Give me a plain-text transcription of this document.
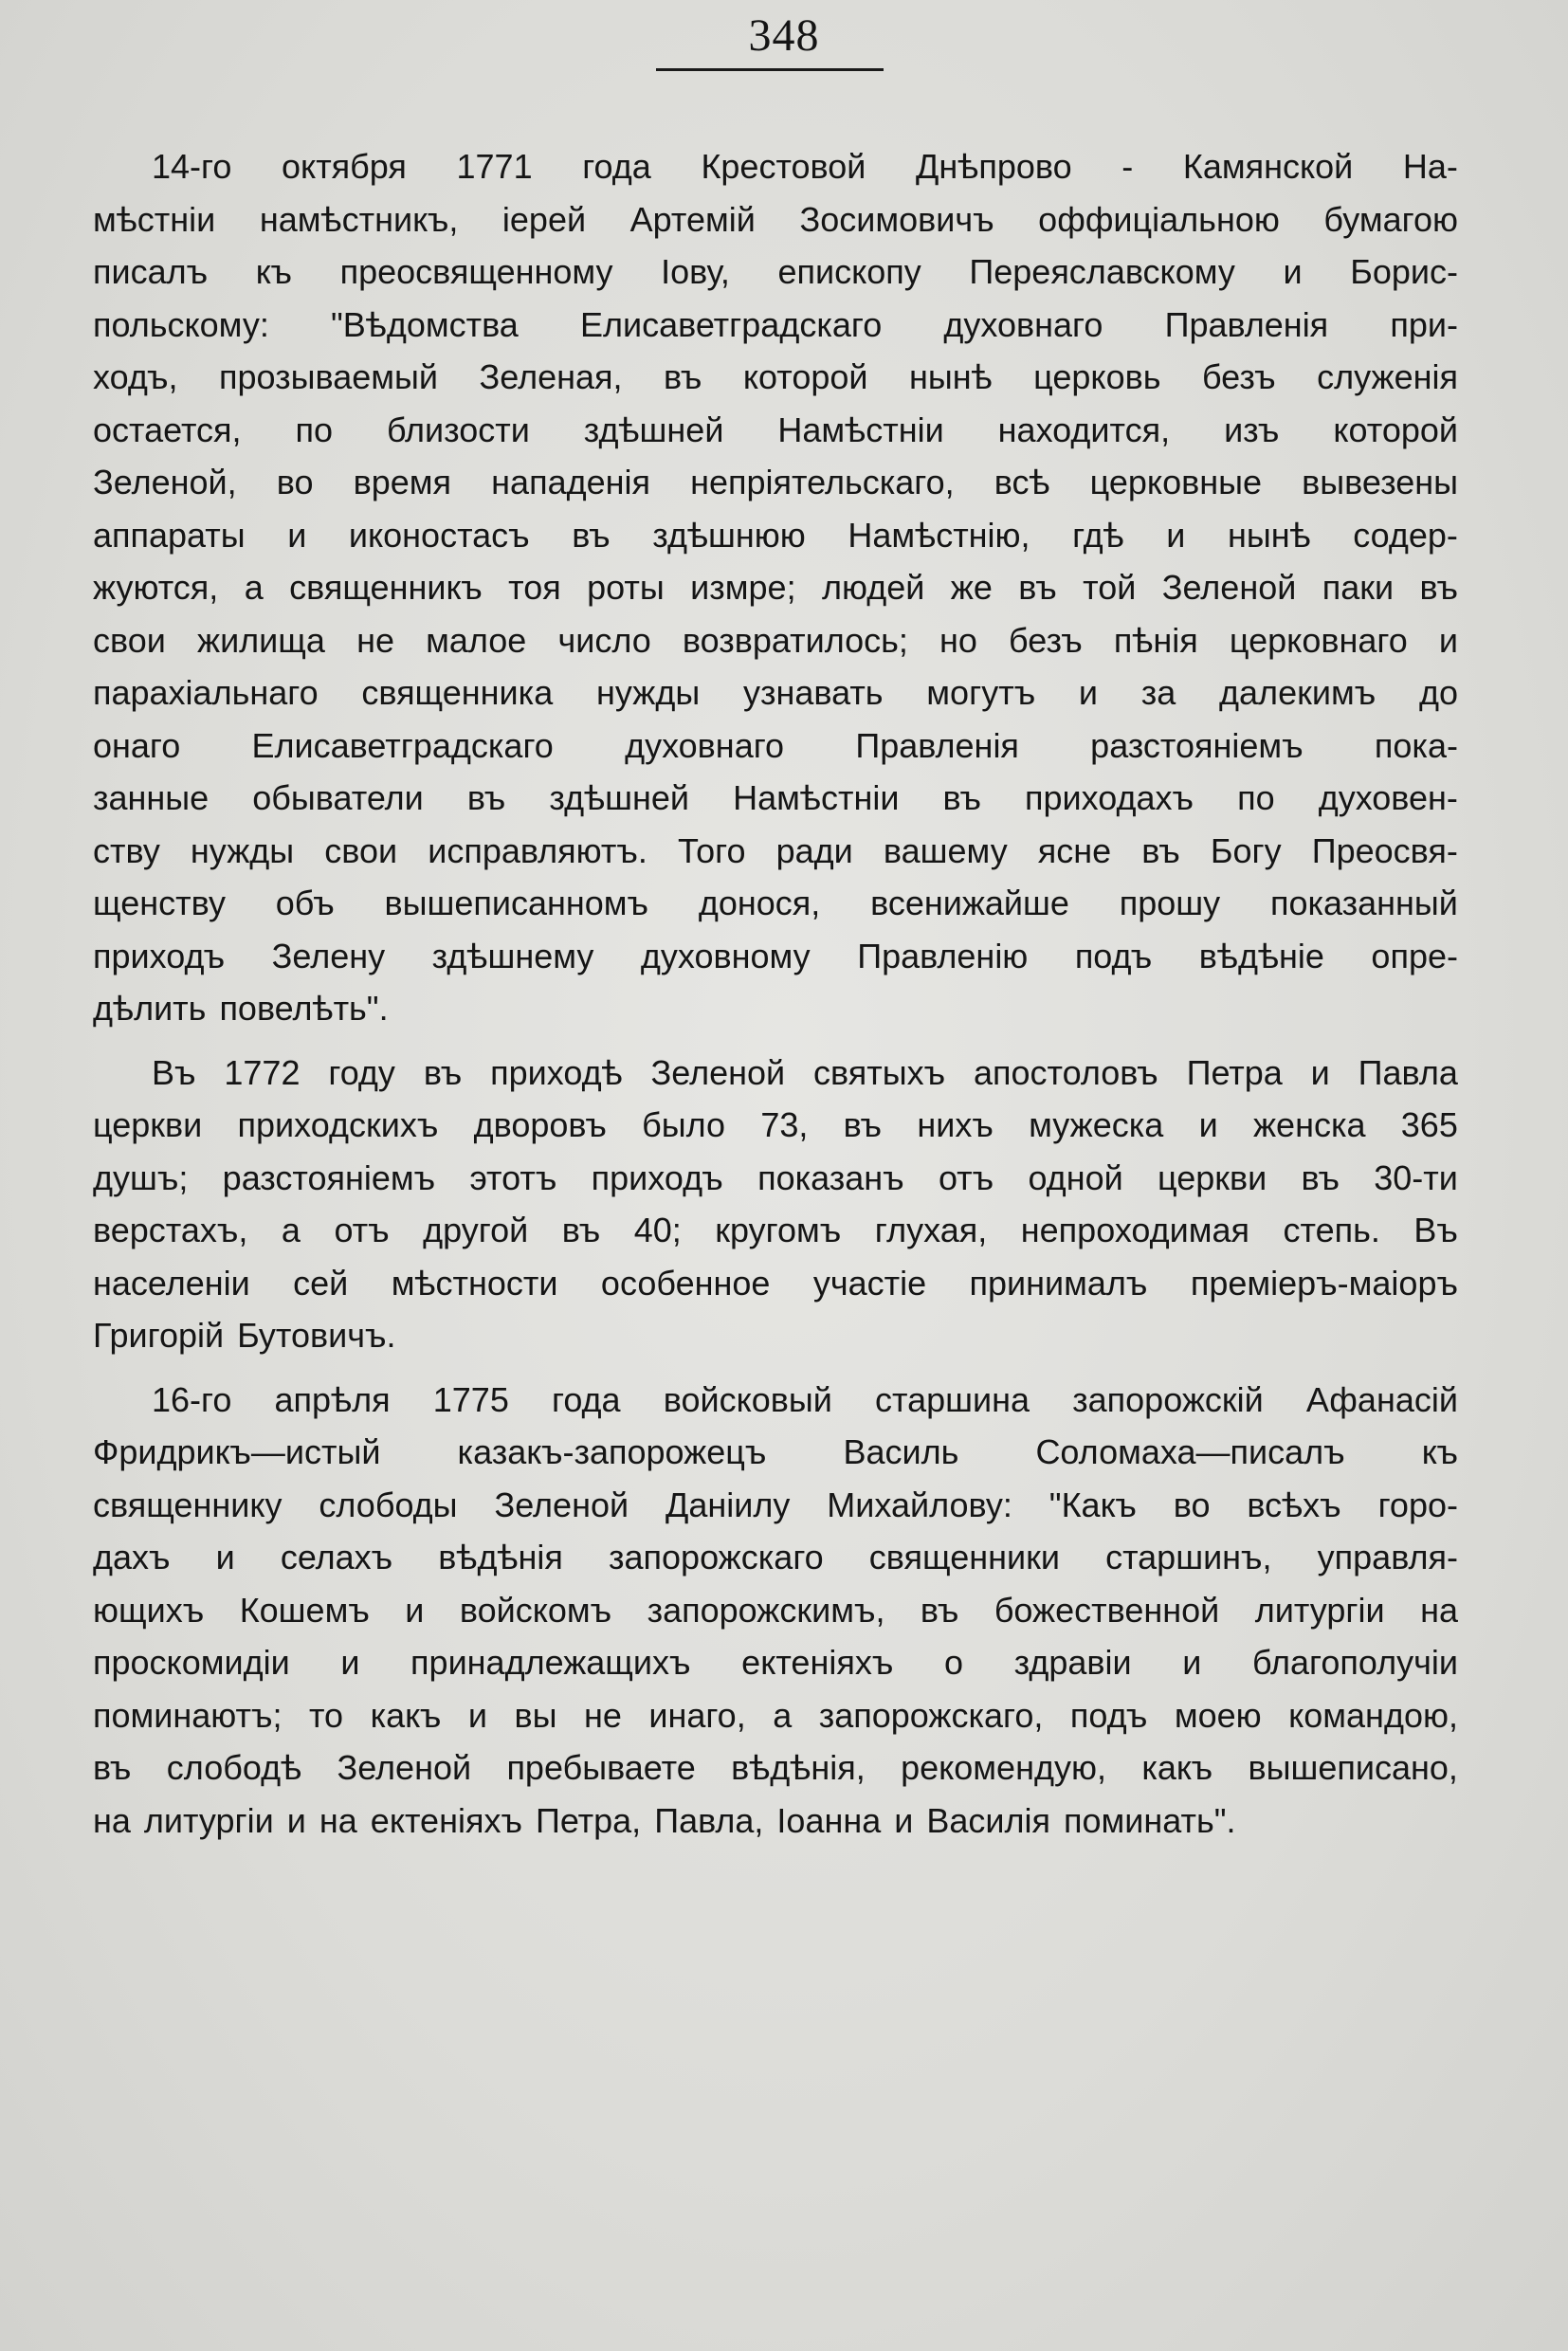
348
14-го октября 1771 года Крестовой Днѣпрово - Камянской На-
мѣстнiи намѣстникъ, iерей Артемiй Зосимовичъ оффицiальною бумагою
писалъ къ преосвященному Iову, епископу Переяславскому и Борис-
польскому: "Вѣдомства Елисаветградскаго духовнаго Правленiя при-
ходъ, прозываемый Зеленая, въ которой нынѣ церковь безъ служенiя
остается, по близости здѣшней Намѣстнiи находится, изъ которой
Зеленой, во время нападенiя непрiятельскаго, всѣ церковные вывезены
аппараты и иконостасъ въ здѣшнюю Намѣстнiю, гдѣ и нынѣ содер-
жуются, а священникъ тоя роты измре; людей же въ той Зеленой паки въ
свои жилища не малое число возвратилось; но безъ пѣнiя церковнаго и
парахiальнаго священника нужды узнавать могутъ и за далекимъ до
онаго Елисаветградскаго духовнаго Правленiя разстоянiемъ пока-
занные обыватели въ здѣшней Намѣстнiи въ приходахъ по духовен-
ству нужды свои исправляютъ. Того ради вашему ясне въ Богу Преосвя-
щенству объ вышеписанномъ донося, всенижайше прошу показанный
приходъ Зелену здѣшнему духовному Правленiю подъ вѣдѣнiе опре-
дѣлить повелѣть".
Въ 1772 году въ приходѣ Зеленой святыхъ апостоловъ Петра и Павла
церкви приходскихъ дворовъ было 73, въ нихъ мужеска и женска 365
душъ; разстоянiемъ этотъ приходъ показанъ отъ одной церкви въ 30-ти
верстахъ, а отъ другой въ 40; кругомъ глухая, непроходимая степь. Въ
населенiи сей мѣстности особенное участiе принималъ премiеръ-маiоръ
Григорiй Бутовичъ.
16-го апрѣля 1775 года войсковый старшина запорожскiй Афанасiй
Фридрикъ—истый казакъ-запорожецъ Василь Соломаха—писалъ къ
священнику слободы Зеленой Данiилу Михайлову: "Какъ во всѣхъ горо-
дахъ и селахъ вѣдѣнiя запорожскаго священники старшинъ, управля-
ющихъ Кошемъ и войскомъ запорожскимъ, въ божественной литургiи на
проскомидiи и принадлежащихъ ектенiяхъ о здравiи и благополучiи
поминаютъ; то какъ и вы не инаго, а запорожскаго, подъ моею командою,
въ слободѣ Зеленой пребываете вѣдѣнiя, рекомендую, какъ вышеписано,
на литургiи и на ектенiяхъ Петра, Павла, Iоанна и Василiя поминать".
